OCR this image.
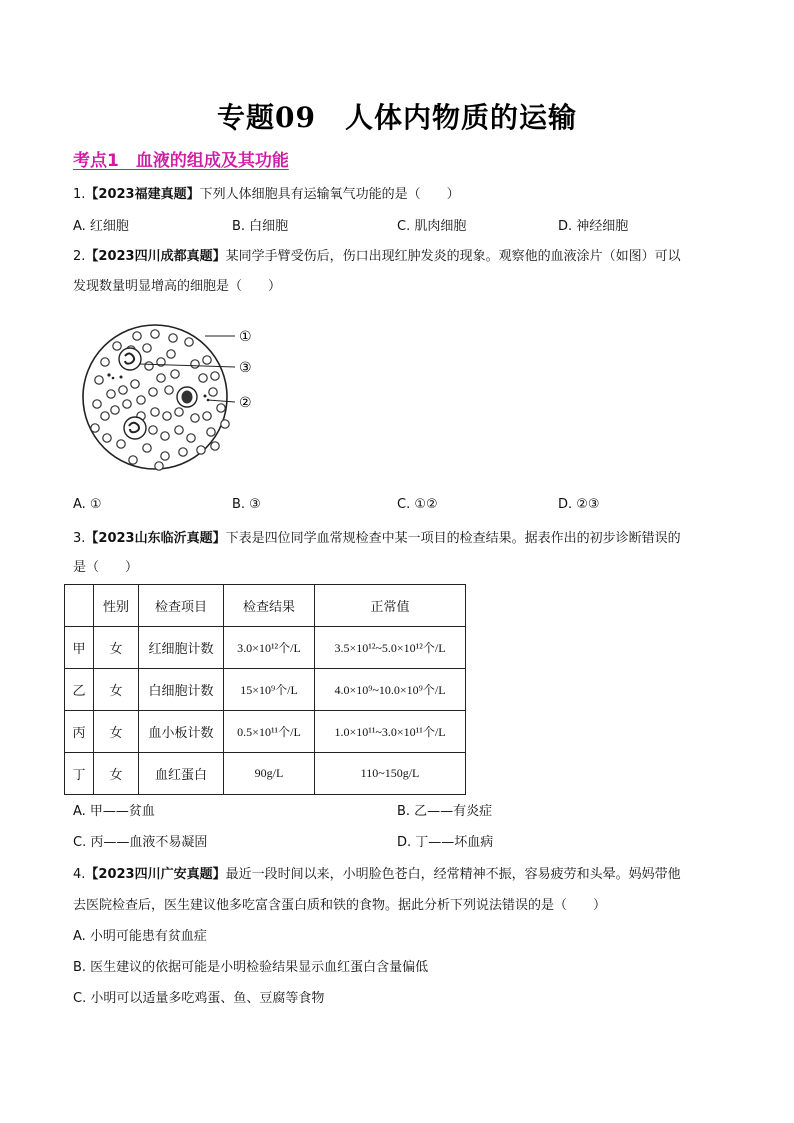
专题09　人体内物质的运输
考点1　血液的组成及其功能
1.【2023福建真题】下列人体细胞具有运输氧气功能的是（　　）
A. 红细胞	B. 白细胞	C. 肌肉细胞	D. 神经细胞
2.【2023四川成都真题】某同学手臂受伤后，伤口出现红肿发炎的现象。观察他的血液涂片（如图）可以
发现数量明显增高的细胞是（　　）
①
③
②
A. ①	B. ③	C. ①②	D. ②③
3.【2023山东临沂真题】下表是四位同学血常规检查中某一项目的检查结果。据表作出的初步诊断错误的
是（　　）
	性别	检查项目	检查结果	正常值
甲	女	红细胞计数	3.0×10¹²个/L	3.5×10¹²~5.0×10¹²个/L
乙	女	白细胞计数	15×10⁹个/L	4.0×10⁹~10.0×10⁹个/L
丙	女	血小板计数	0.5×10¹¹个/L	1.0×10¹¹~3.0×10¹¹个/L
丁	女	血红蛋白	90g/L	110~150g/L
A. 甲——贫血	B. 乙——有炎症
C. 丙——血液不易凝固	D. 丁——坏血病
4.【2023四川广安真题】最近一段时间以来，小明脸色苍白，经常精神不振，容易疲劳和头晕。妈妈带他
去医院检查后，医生建议他多吃富含蛋白质和铁的食物。据此分析下列说法错误的是（　　）
A. 小明可能患有贫血症
B. 医生建议的依据可能是小明检验结果显示血红蛋白含量偏低
C. 小明可以适量多吃鸡蛋、鱼、豆腐等食物
